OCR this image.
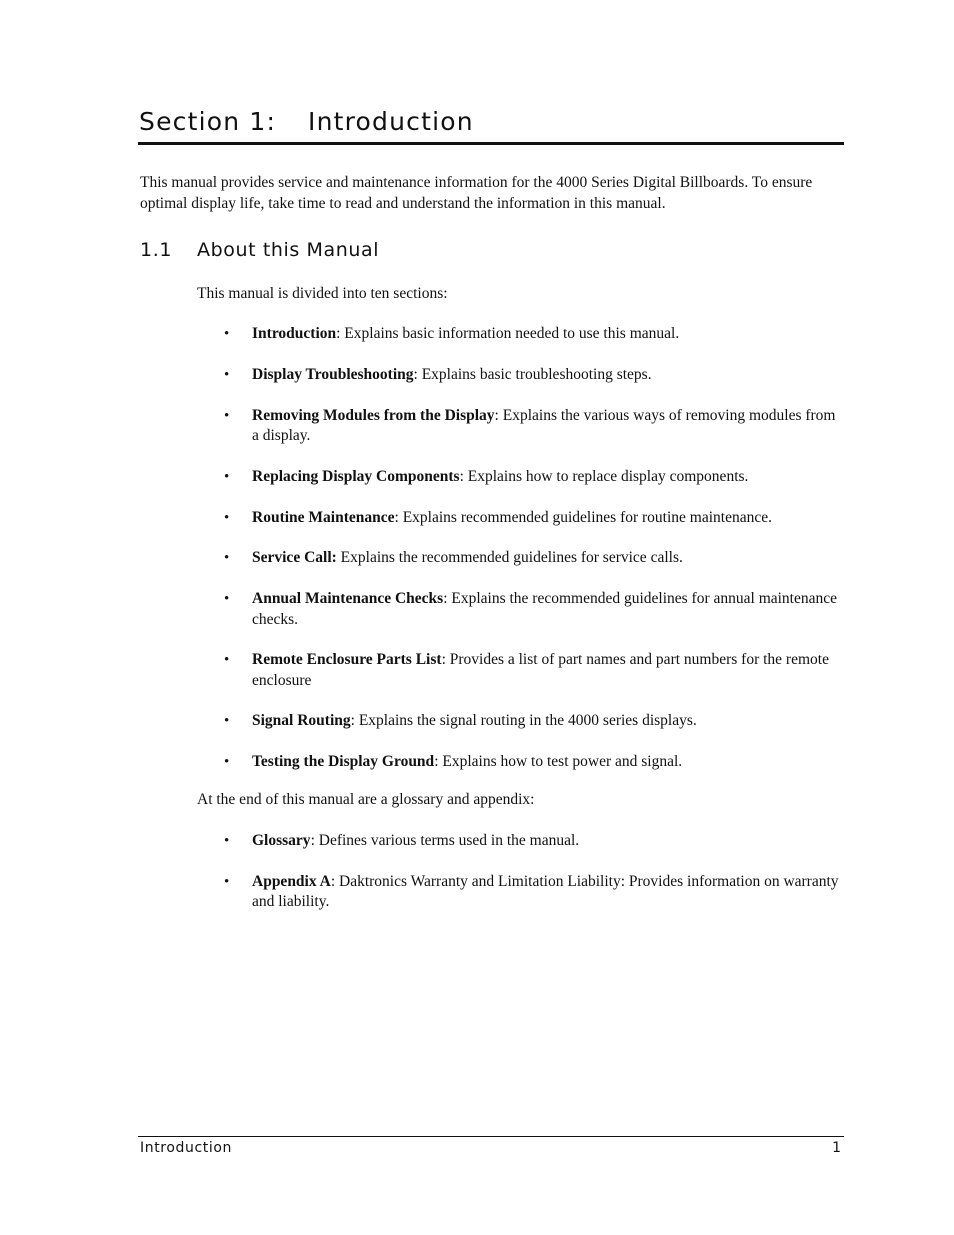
Section 1:	Introduction
This manual provides service and maintenance information for the 4000 Series Digital Billboards. To ensure optimal display life, take time to read and understand the information in this manual.
1.1	About this Manual
This manual is divided into ten sections:
• Introduction: Explains basic information needed to use this manual.
• Display Troubleshooting: Explains basic troubleshooting steps.
• Removing Modules from the Display: Explains the various ways of removing modules from a display.
• Replacing Display Components: Explains how to replace display components.
• Routine Maintenance: Explains recommended guidelines for routine maintenance.
• Service Call: Explains the recommended guidelines for service calls.
• Annual Maintenance Checks: Explains the recommended guidelines for annual maintenance checks.
• Remote Enclosure Parts List: Provides a list of part names and part numbers for the remote enclosure
• Signal Routing: Explains the signal routing in the 4000 series displays.
• Testing the Display Ground: Explains how to test power and signal.
At the end of this manual are a glossary and appendix:
• Glossary: Defines various terms used in the manual.
• Appendix A: Daktronics Warranty and Limitation Liability: Provides information on warranty and liability.
Introduction	1
